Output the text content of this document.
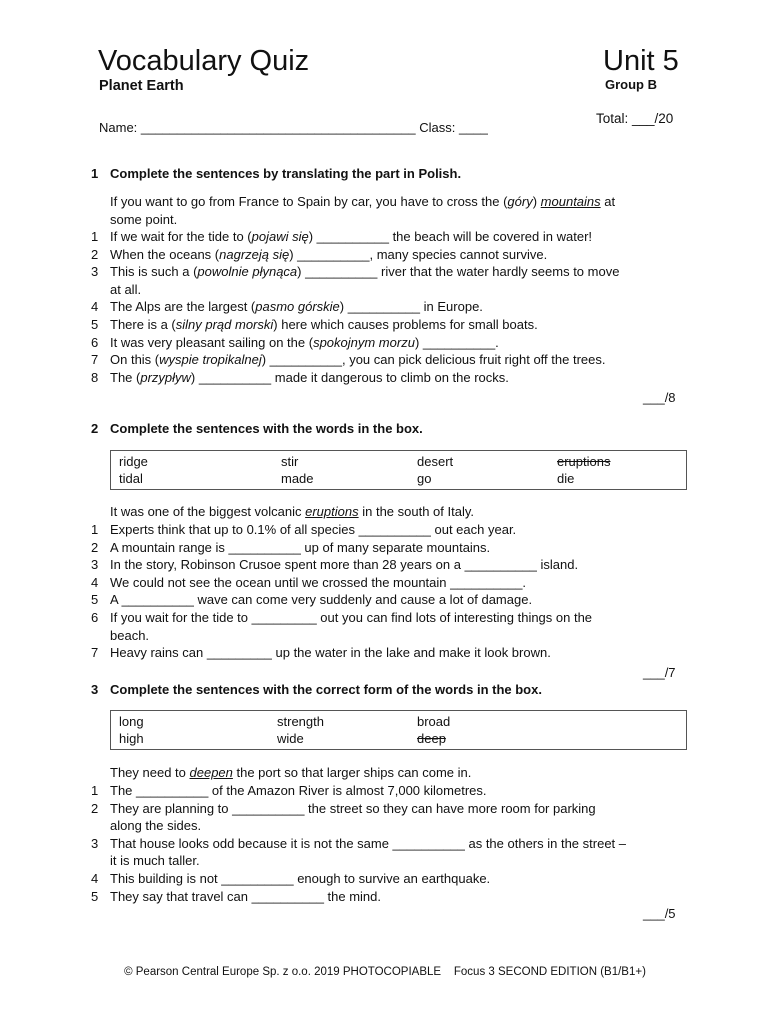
Vocabulary Quiz	Unit 5
Planet Earth	Group B
Name: ______________________________________ Class: ____
Total: ___/20
1 Complete the sentences by translating the part in Polish.
If you want to go from France to Spain by car, you have to cross the (góry) mountains at
some point.
1 If we wait for the tide to (pojawi się) __________ the beach will be covered in water!
2 When the oceans (nagrzeją się) __________, many species cannot survive.
3 This is such a (powolnie płynąca) __________ river that the water hardly seems to move
at all.
4 The Alps are the largest (pasmo górskie) __________ in Europe.
5 There is a (silny prąd morski) here which causes problems for small boats.
6 It was very pleasant sailing on the (spokojnym morzu) __________.
7 On this (wyspie tropikalnej) __________, you can pick delicious fruit right off the trees.
8 The (przypływ) __________ made it dangerous to climb on the rocks.
___/8
2 Complete the sentences with the words in the box.
ridge	stir	desert	eruptions
tidal	made	go	die
It was one of the biggest volcanic eruptions in the south of Italy.
1 Experts think that up to 0.1% of all species __________ out each year.
2 A mountain range is __________ up of many separate mountains.
3 In the story, Robinson Crusoe spent more than 28 years on a __________ island.
4 We could not see the ocean until we crossed the mountain __________.
5 A __________ wave can come very suddenly and cause a lot of damage.
6 If you wait for the tide to _________ out you can find lots of interesting things on the
beach.
7 Heavy rains can _________ up the water in the lake and make it look brown.
___/7
3 Complete the sentences with the correct form of the words in the box.
long	strength	broad
high	wide	deep
They need to deepen the port so that larger ships can come in.
1 The __________ of the Amazon River is almost 7,000 kilometres.
2 They are planning to __________ the street so they can have more room for parking
along the sides.
3 That house looks odd because it is not the same __________ as the others in the street –
it is much taller.
4 This building is not __________ enough to survive an earthquake.
5 They say that travel can __________ the mind.
___/5
© Pearson Central Europe Sp. z o.o. 2019 PHOTOCOPIABLE Focus 3 SECOND EDITION (B1/B1+)
